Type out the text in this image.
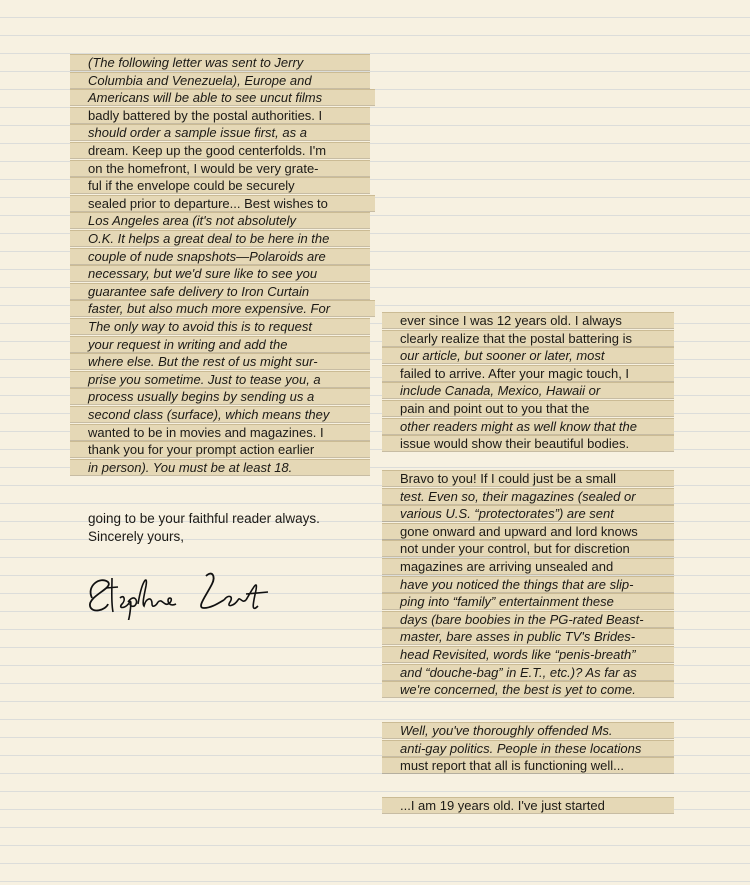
(The following letter was sent to Jerry
Columbia and Venezuela), Europe and
Americans will be able to see uncut films
badly battered by the postal authorities. I
should order a sample issue first, as a
dream. Keep up the good centerfolds. I'm
on the homefront, I would be very grate-
ful if the envelope could be securely
sealed prior to departure... Best wishes to
Los Angeles area (it's not absolutely
O.K. It helps a great deal to be here in the
couple of nude snapshots—Polaroids are
necessary, but we'd sure like to see you
guarantee safe delivery to Iron Curtain
faster, but also much more expensive. For
The only way to avoid this is to request
your request in writing and add the
where else. But the rest of us might sur-
prise you sometime. Just to tease you, a
process usually begins by sending us a
second class (surface), which means they
wanted to be in movies and magazines. I
thank you for your prompt action earlier
in person). You must be at least 18.
going to be your faithful reader always.
Sincerely yours,
ever since I was 12 years old. I always
clearly realize that the postal battering is
our article, but sooner or later, most
failed to arrive. After your magic touch, I
include Canada, Mexico, Hawaii or
pain and point out to you that the
other readers might as well know that the
issue would show their beautiful bodies.
Bravo to you! If I could just be a small
test. Even so, their magazines (sealed or
various U.S. “protectorates”) are sent
gone onward and upward and lord knows
not under your control, but for discretion
magazines are arriving unsealed and
have you noticed the things that are slip-
ping into “family” entertainment these
days (bare boobies in the PG-rated Beast-
master, bare asses in public TV's Brides-
head Revisited, words like “penis-breath”
and “douche-bag” in E.T., etc.)? As far as
we're concerned, the best is yet to come.
Well, you've thoroughly offended Ms.
anti-gay politics. People in these locations
must report that all is functioning well...
...I am 19 years old. I've just started
